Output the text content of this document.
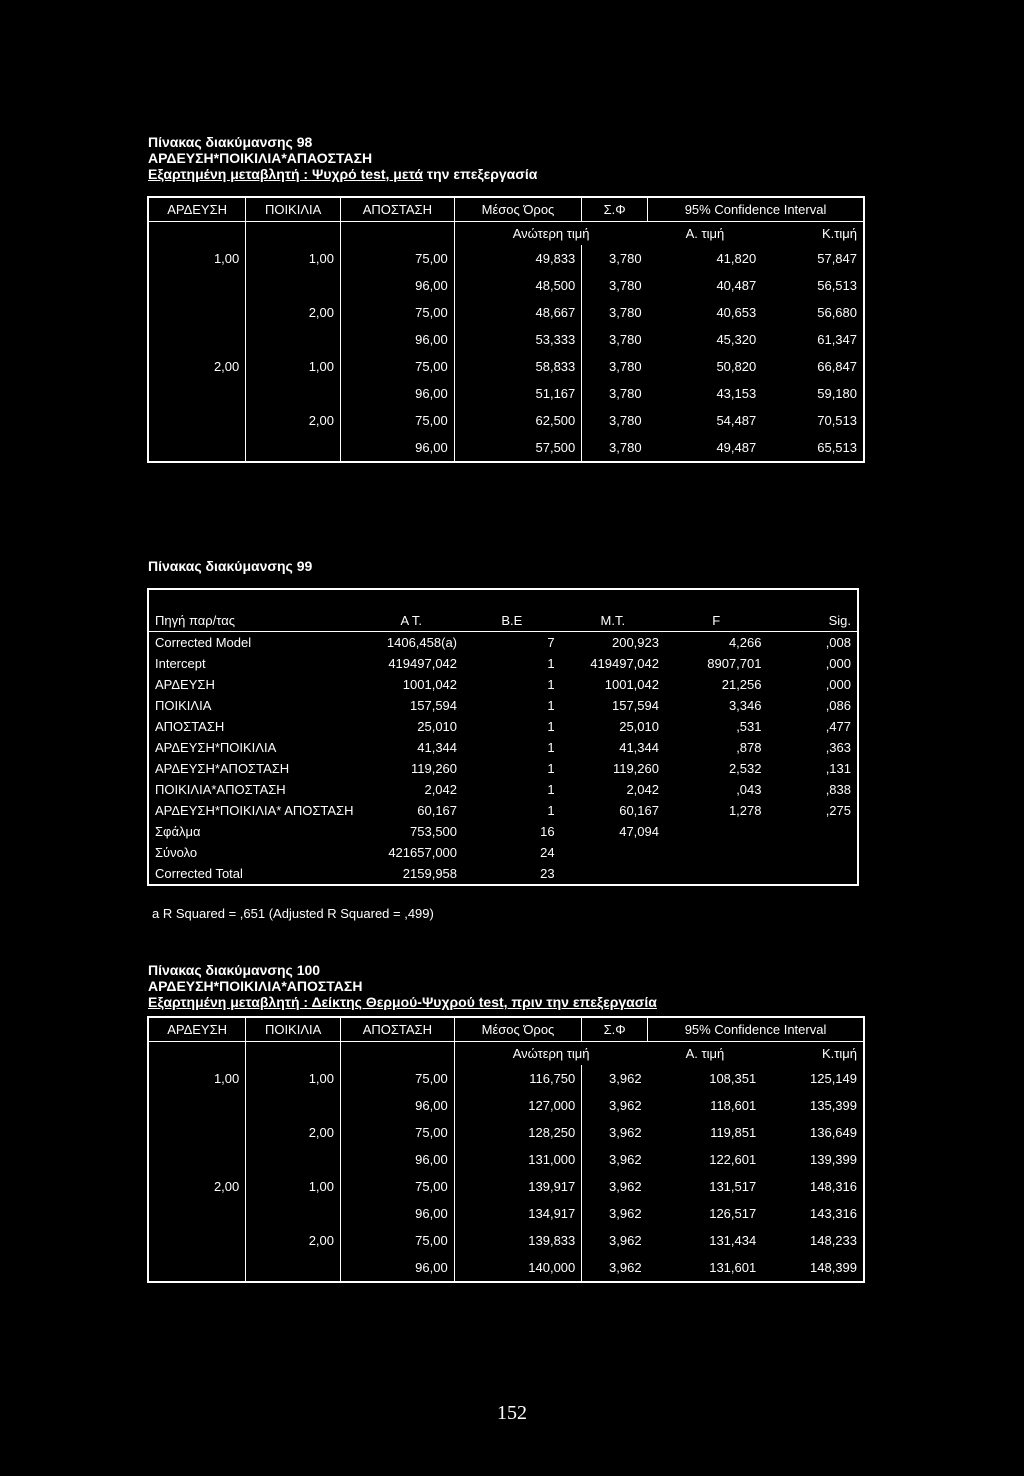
Πίνακας διακύμανσης 98
ΑΡΔΕΥΣΗ*ΠΟΙΚΙΛΙΑ*ΑΠΑΟΣΤΑΣΗ
Εξαρτημένη μεταβλητή : Ψυχρό test, μετά την επεξεργασία
ΑΡΔΕΥΣΗ	ΠΟΙΚΙΛΙΑ	ΑΠΟΣΤΑΣΗ	Μέσος Όρος	Σ.Φ	95% Confidence Interval	
			Ανώτερη τιμή		Α. τιμή	Κ.τιμή
1,00	1,00	75,00	49,833	3,780	41,820	57,847
		96,00	48,500	3,780	40,487	56,513
	2,00	75,00	48,667	3,780	40,653	56,680
		96,00	53,333	3,780	45,320	61,347
2,00	1,00	75,00	58,833	3,780	50,820	66,847
		96,00	51,167	3,780	43,153	59,180
	2,00	75,00	62,500	3,780	54,487	70,513
		96,00	57,500	3,780	49,487	65,513
Πίνακας διακύμανσης 99

Πηγή παρ/τας	Α Τ.	Β.Ε	Μ.Τ.	F	Sig.
Corrected Model	1406,458(a)	7	200,923	4,266	,008
Intercept	419497,042	1	419497,042	8907,701	,000
ΑΡΔΕΥΣΗ	1001,042	1	1001,042	21,256	,000
ΠΟΙΚΙΛΙΑ	157,594	1	157,594	3,346	,086
ΑΠΟΣΤΑΣΗ	25,010	1	25,010	,531	,477
ΑΡΔΕΥΣΗ*ΠΟΙΚΙΛΙΑ	41,344	1	41,344	,878	,363
ΑΡΔΕΥΣΗ*ΑΠΟΣΤΑΣΗ	119,260	1	119,260	2,532	,131
ΠΟΙΚΙΛΙΑ*ΑΠΟΣΤΑΣΗ	2,042	1	2,042	,043	,838
ΑΡΔΕΥΣΗ*ΠΟΙΚΙΛΙΑ* ΑΠΟΣΤΑΣΗ	60,167	1	60,167	1,278	,275
Σφάλμα	753,500	16	47,094		
Σύνολο	421657,000	24			
Corrected Total	2159,958	23			
a R Squared = ,651 (Adjusted R Squared = ,499)
Πίνακας διακύμανσης 100
ΑΡΔΕΥΣΗ*ΠΟΙΚΙΛΙΑ*ΑΠΟΣΤΑΣΗ
Εξαρτημένη μεταβλητή : Δείκτης Θερμού-Ψυχρού test, πριν την επεξεργασία
ΑΡΔΕΥΣΗ	ΠΟΙΚΙΛΙΑ	ΑΠΟΣΤΑΣΗ	Μέσος Όρος	Σ.Φ	95% Confidence Interval	
			Ανώτερη τιμή		Α. τιμή	Κ.τιμή
1,00	1,00	75,00	116,750	3,962	108,351	125,149
		96,00	127,000	3,962	118,601	135,399
	2,00	75,00	128,250	3,962	119,851	136,649
		96,00	131,000	3,962	122,601	139,399
2,00	1,00	75,00	139,917	3,962	131,517	148,316
		96,00	134,917	3,962	126,517	143,316
	2,00	75,00	139,833	3,962	131,434	148,233
		96,00	140,000	3,962	131,601	148,399
152
